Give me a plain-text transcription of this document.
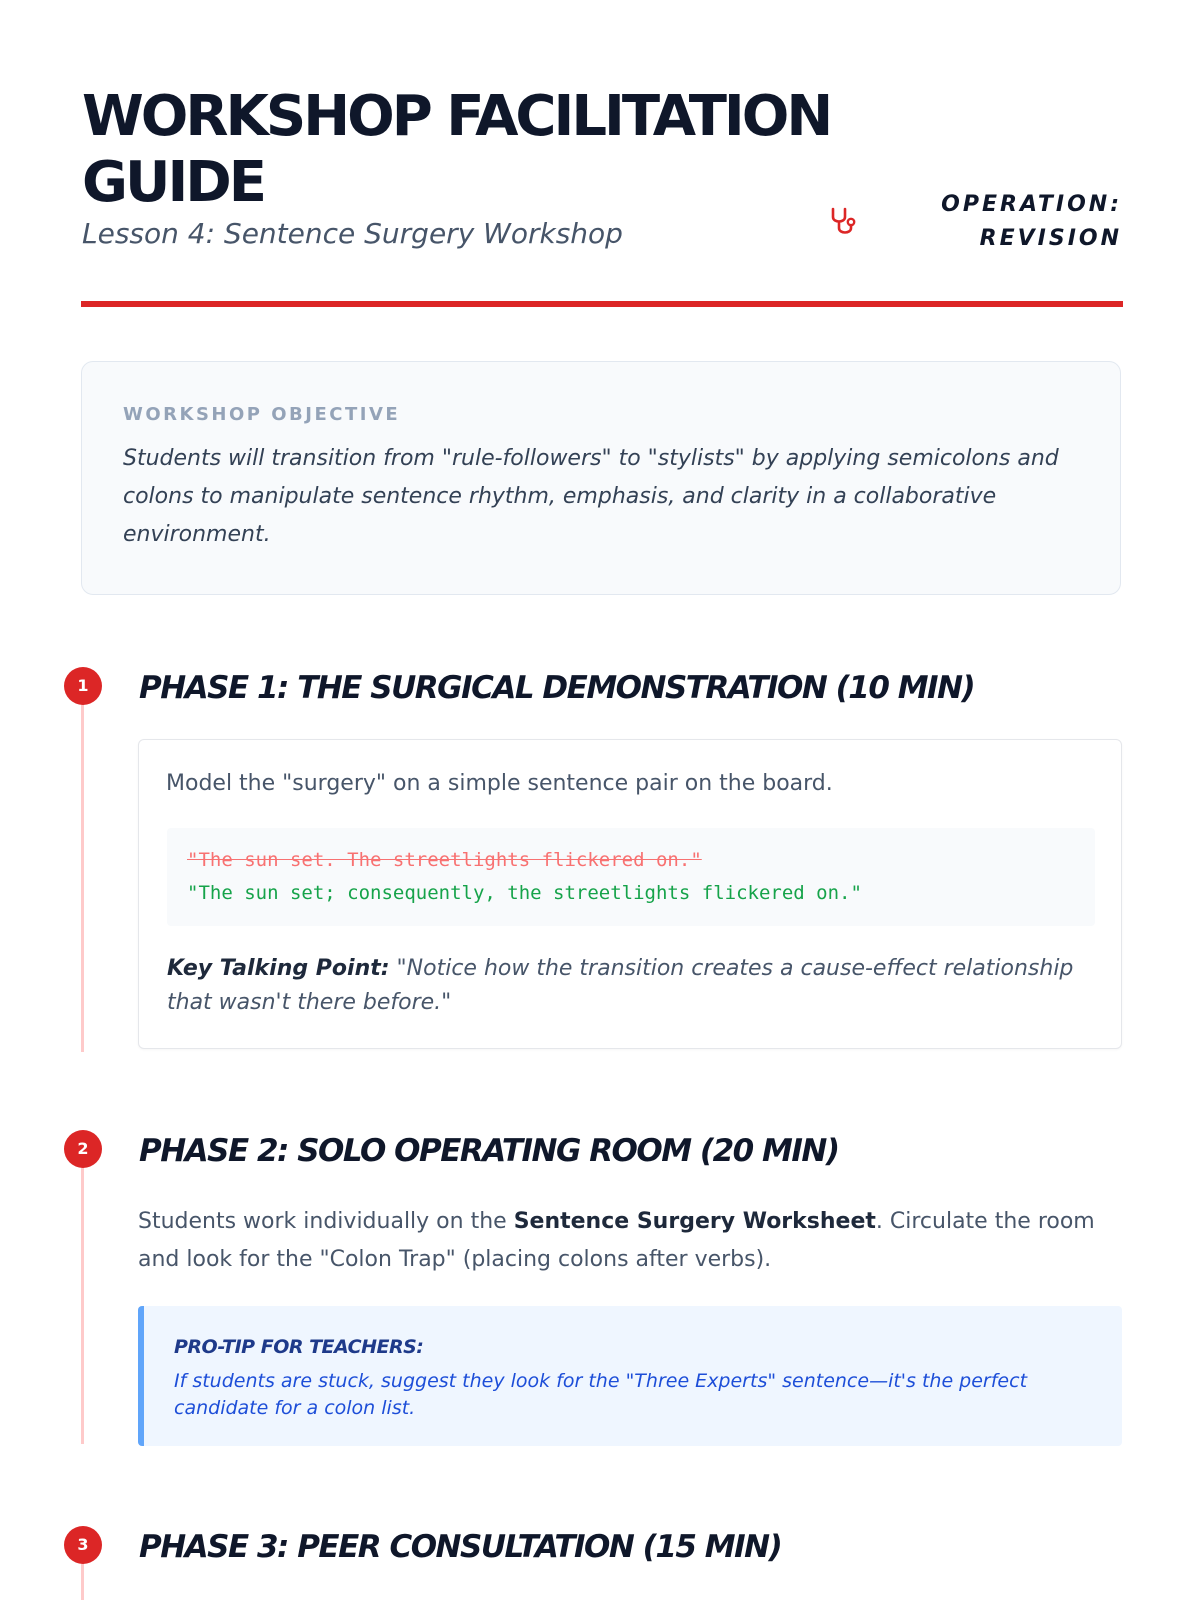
WORKSHOP FACILITATION GUIDE

Lesson 4: Sentence Surgery Workshop

OPERATION:
REVISION
WORKSHOP OBJECTIVE

Students will transition from "rule-followers" to "stylists" by applying semicolons and colons to manipulate sentence rhythm, emphasis, and clarity in a collaborative environment.

1	PHASE 1: THE SURGICAL DEMONSTRATION (10 MIN)

Model the "surgery" on a simple sentence pair on the board.

"The sun set. The streetlights flickered on."

"The sun set; consequently, the streetlights flickered on."

Key Talking Point: "Notice how the transition creates a cause-effect relationship that wasn't there before."

2	PHASE 2: SOLO OPERATING ROOM (20 MIN)

Students work individually on the Sentence Surgery Worksheet. Circulate the room and look for the "Colon Trap" (placing colons after verbs).

PRO-TIP FOR TEACHERS:

If students are stuck, suggest they look for the "Three Experts" sentence—it's the perfect candidate for a colon list.

3	PHASE 3: PEER CONSULTATION (15 MIN)
